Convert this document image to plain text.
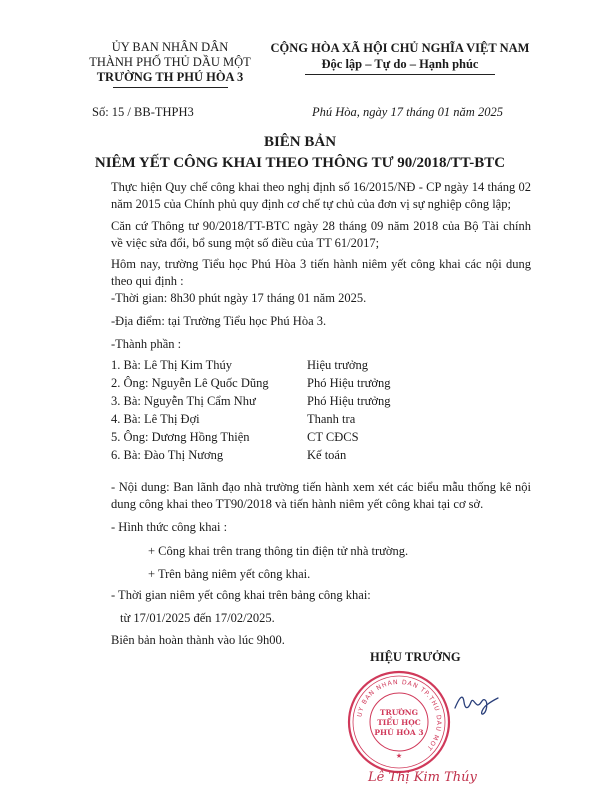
ỦY BAN NHÂN DÂN
THÀNH PHỐ THỦ DẦU MỘT
TRƯỜNG TH PHÚ HÒA 3
CỘNG HÒA XÃ HỘI CHỦ NGHĨA VIỆT NAM
Độc lập – Tự do – Hạnh phúc
Số: 15 / BB-THPH3	Phú Hòa, ngày 17 tháng 01 năm 2025
BIÊN BẢN
NIÊM YẾT CÔNG KHAI THEO THÔNG TƯ 90/2018/TT-BTC
Thực hiện Quy chế công khai theo nghị định số 16/2015/NĐ - CP ngày 14 tháng 02 năm 2015 của Chính phủ quy định cơ chế tự chủ của đơn vị sự nghiệp công lập;
Căn cứ Thông tư 90/2018/TT-BTC ngày 28 tháng 09 năm 2018 của Bộ Tài chính về việc sửa đổi, bổ sung một số điều của TT 61/2017;
Hôm nay, trường Tiểu học Phú Hòa 3 tiến hành niêm yết công khai các nội dung theo qui định :
-Thời gian: 8h30 phút ngày 17 tháng 01 năm 2025.
-Địa điểm: tại Trường Tiểu học Phú Hòa 3.
-Thành phần :
1. Bà: Lê Thị Kim Thúy	Hiệu trưởng
2. Ông: Nguyễn Lê Quốc Dũng	Phó Hiệu trưởng
3. Bà: Nguyễn Thị Cẩm Như	Phó Hiệu trưởng
4. Bà: Lê Thị Đợi	Thanh tra
5. Ông: Dương Hồng Thiện	CT CĐCS
6. Bà: Đào Thị Nương	Kế toán
- Nội dung: Ban lãnh đạo nhà trường tiến hành xem xét các biểu mẫu thống kê nội dung công khai theo TT90/2018 và tiến hành niêm yết công khai tại cơ sở.
- Hình thức công khai :
+ Công khai trên trang thông tin điện tử nhà trường.
+ Trên bảng niêm yết công khai.
- Thời gian niêm yết công khai trên bảng công khai:
từ 17/01/2025 đến 17/02/2025.
Biên bản hoàn thành vào lúc 9h00.
HIỆU TRƯỞNG
UY BAN NHAN DAN TP.THU DAU MOT
TRƯỜNG
TIỂU HỌC
PHÚ HÒA 3
★
Lê Thị Kim Thúy
